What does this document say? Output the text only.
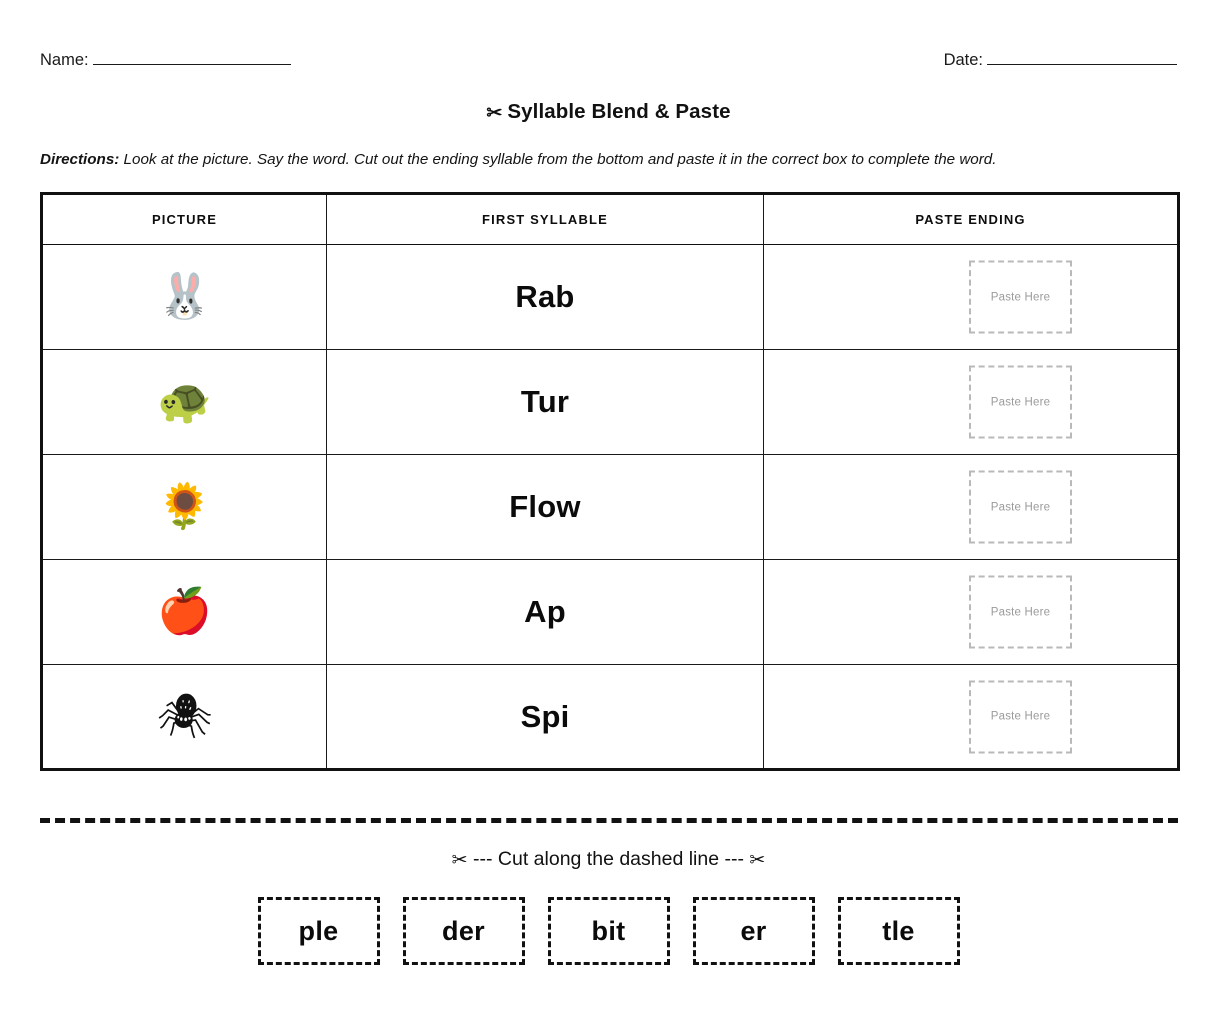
Name:	Date:
✂ Syllable Blend & Paste
Directions: Look at the picture. Say the word. Cut out the ending syllable from the bottom and paste it in the correct box to complete the word.
PICTURE	FIRST SYLLABLE	PASTE ENDING
🐰	Rab	Paste Here

🐢	Tur	Paste Here

🌻	Flow	Paste Here

🍎	Ap	Paste Here

🕷	Spi	Paste Here
✂ --- Cut along the dashed line --- ✂
ple	der	bit	er	tle
